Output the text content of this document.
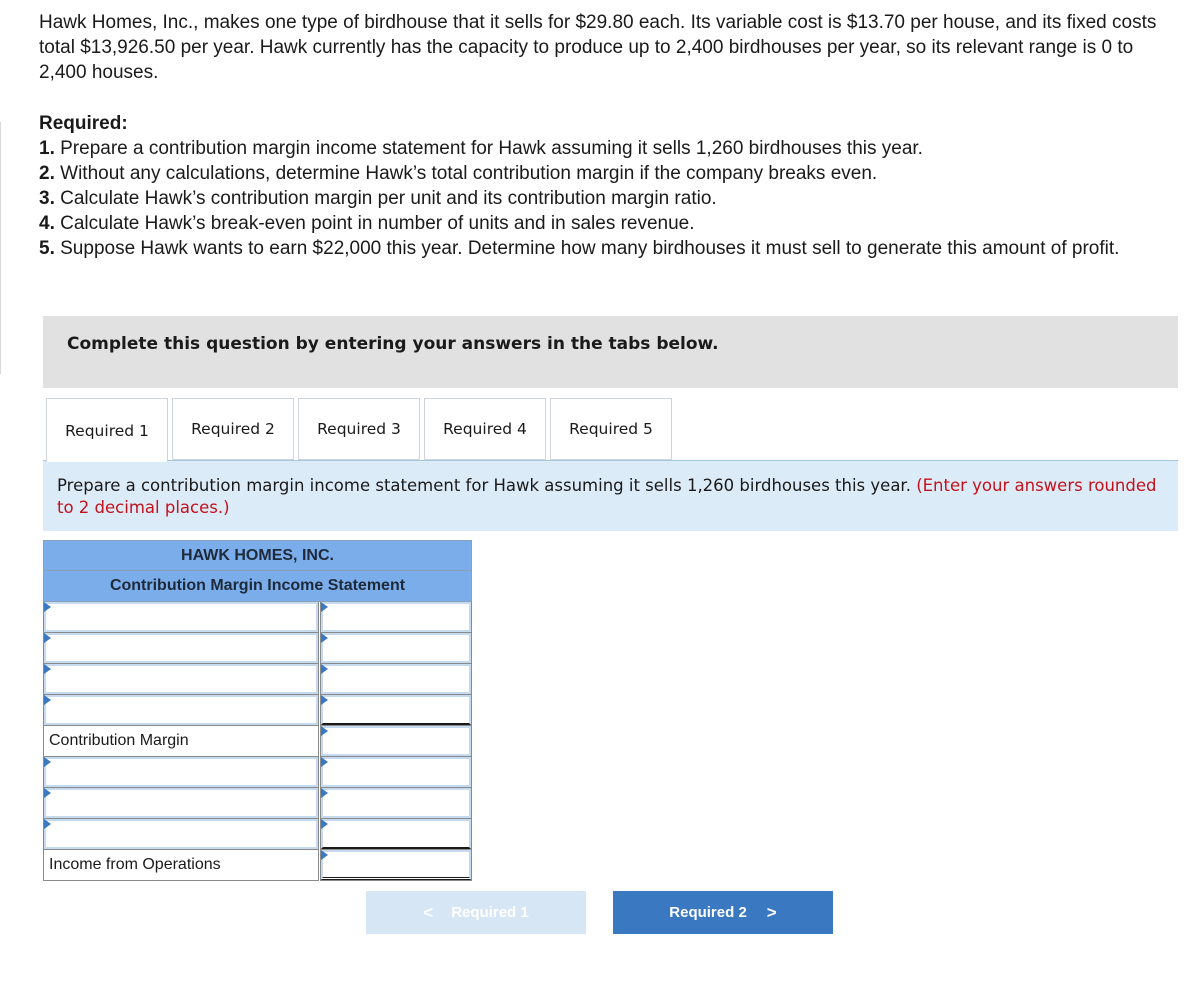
Hawk Homes, Inc., makes one type of birdhouse that it sells for $29.80 each. Its variable cost is $13.70 per house, and its fixed costs total $13,926.50 per year. Hawk currently has the capacity to produce up to 2,400 birdhouses per year, so its relevant range is 0 to 2,400 houses.

Required:

1. Prepare a contribution margin income statement for Hawk assuming it sells 1,260 birdhouses this year.

2. Without any calculations, determine Hawk’s total contribution margin if the company breaks even.

3. Calculate Hawk’s contribution margin per unit and its contribution margin ratio.

4. Calculate Hawk’s break-even point in number of units and in sales revenue.

5. Suppose Hawk wants to earn $22,000 this year. Determine how many birdhouses it must sell to generate this amount of profit.

Complete this question by entering your answers in the tabs below.
Required 1	Required 2	Required 3	Required 4	Required 5
Prepare a contribution margin income statement for Hawk assuming it sells 1,260 birdhouses this year. (Enter your answers rounded to 2 decimal places.)
HAWK HOMES, INC.
Contribution Margin Income Statement
Contribution Margin
Income from Operations
< Required 1	Required 2 >
